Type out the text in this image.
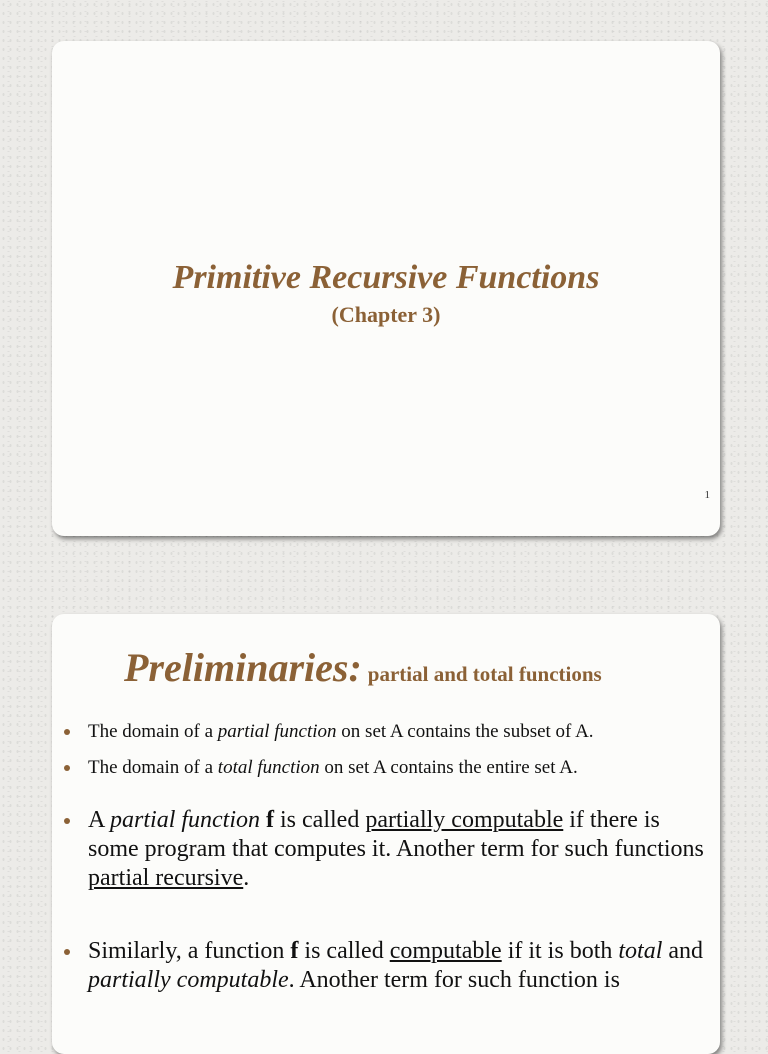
Primitive Recursive Functions
(Chapter 3)
1
Preliminaries: partial and total functions
The domain of a partial function on set A contains the subset of A.
The domain of a total function on set A contains the entire set A.
A partial function f is called partially computable if there is some program that computes it. Another term for such functions partial recursive.
Similarly, a function f is called computable if it is both total and partially computable. Another term for such function is
